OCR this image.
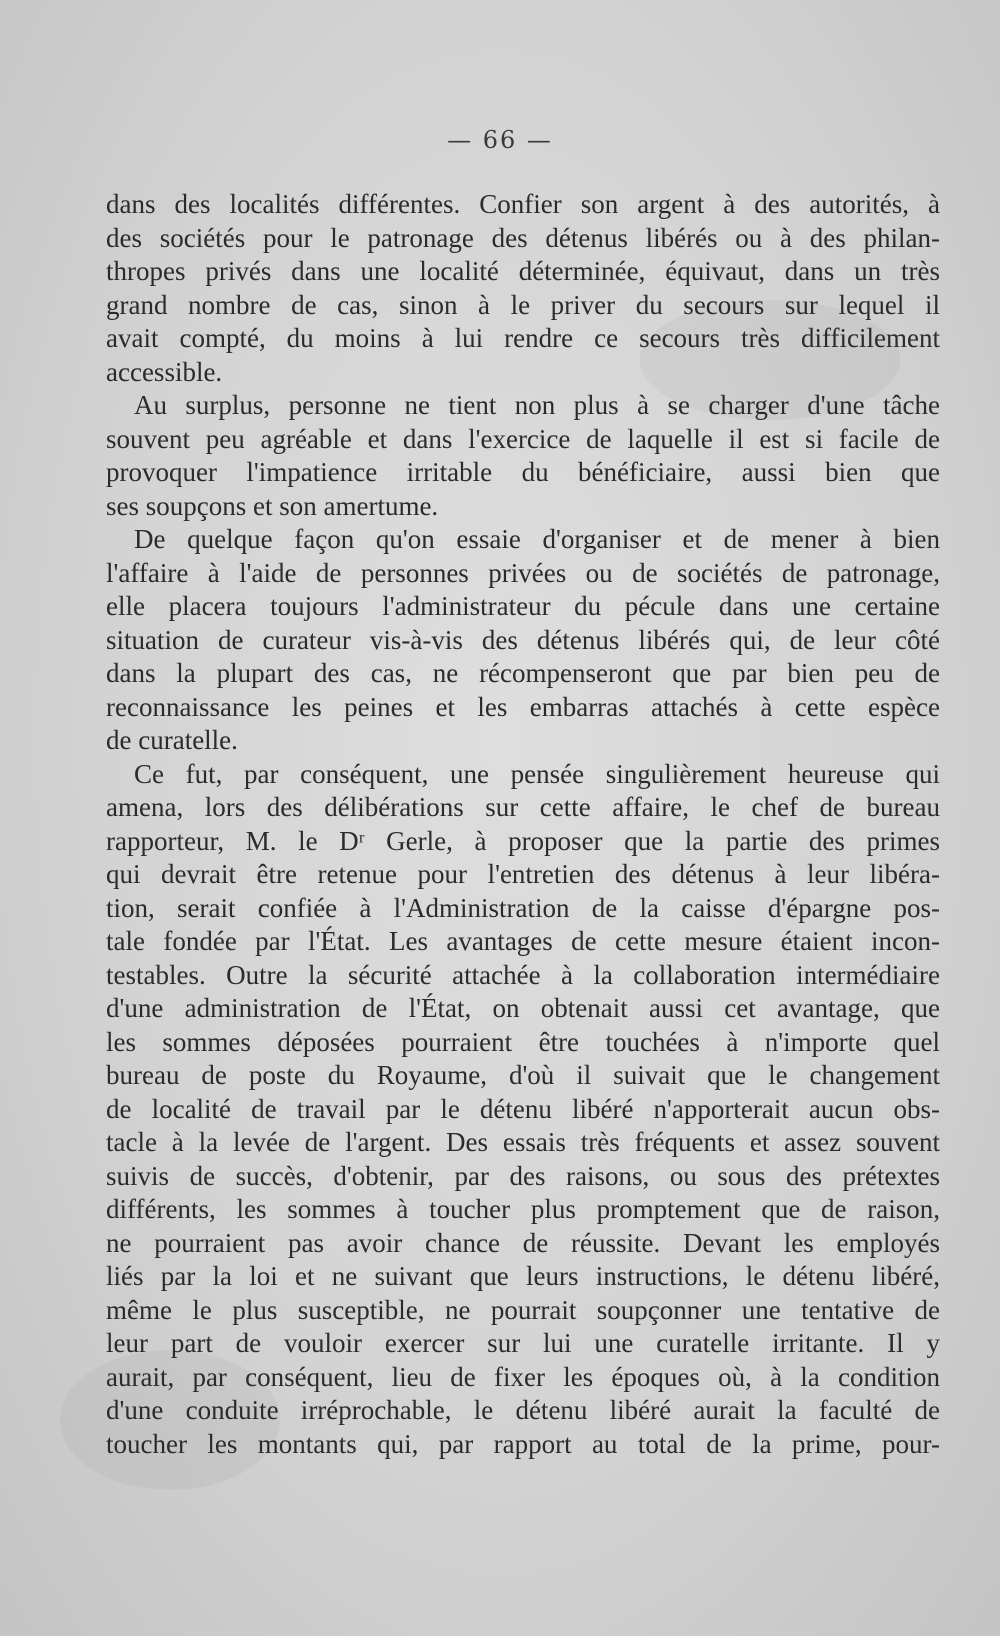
— 66 —
dans des localités différentes. Confier son argent à des autorités, à
des sociétés pour le patronage des détenus libérés ou à des philan-
thropes privés dans une localité déterminée, équivaut, dans un très
grand nombre de cas, sinon à le priver du secours sur lequel il
avait compté, du moins à lui rendre ce secours très difficilement
accessible.
Au surplus, personne ne tient non plus à se charger d'une tâche
souvent peu agréable et dans l'exercice de laquelle il est si facile de
provoquer l'impatience irritable du bénéficiaire, aussi bien que
ses soupçons et son amertume.
De quelque façon qu'on essaie d'organiser et de mener à bien
l'affaire à l'aide de personnes privées ou de sociétés de patronage,
elle placera toujours l'administrateur du pécule dans une certaine
situation de curateur vis-à-vis des détenus libérés qui, de leur côté
dans la plupart des cas, ne récompenseront que par bien peu de
reconnaissance les peines et les embarras attachés à cette espèce
de curatelle.
Ce fut, par conséquent, une pensée singulièrement heureuse qui
amena, lors des délibérations sur cette affaire, le chef de bureau
rapporteur, M. le Dʳ Gerle, à proposer que la partie des primes
qui devrait être retenue pour l'entretien des détenus à leur libéra-
tion, serait confiée à l'Administration de la caisse d'épargne pos-
tale fondée par l'État. Les avantages de cette mesure étaient incon-
testables. Outre la sécurité attachée à la collaboration intermédiaire
d'une administration de l'État, on obtenait aussi cet avantage, que
les sommes déposées pourraient être touchées à n'importe quel
bureau de poste du Royaume, d'où il suivait que le changement
de localité de travail par le détenu libéré n'apporterait aucun obs-
tacle à la levée de l'argent. Des essais très fréquents et assez souvent
suivis de succès, d'obtenir, par des raisons, ou sous des prétextes
différents, les sommes à toucher plus promptement que de raison,
ne pourraient pas avoir chance de réussite. Devant les employés
liés par la loi et ne suivant que leurs instructions, le détenu libéré,
même le plus susceptible, ne pourrait soupçonner une tentative de
leur part de vouloir exercer sur lui une curatelle irritante. Il y
aurait, par conséquent, lieu de fixer les époques où, à la condition
d'une conduite irréprochable, le détenu libéré aurait la faculté de
toucher les montants qui, par rapport au total de la prime, pour-
